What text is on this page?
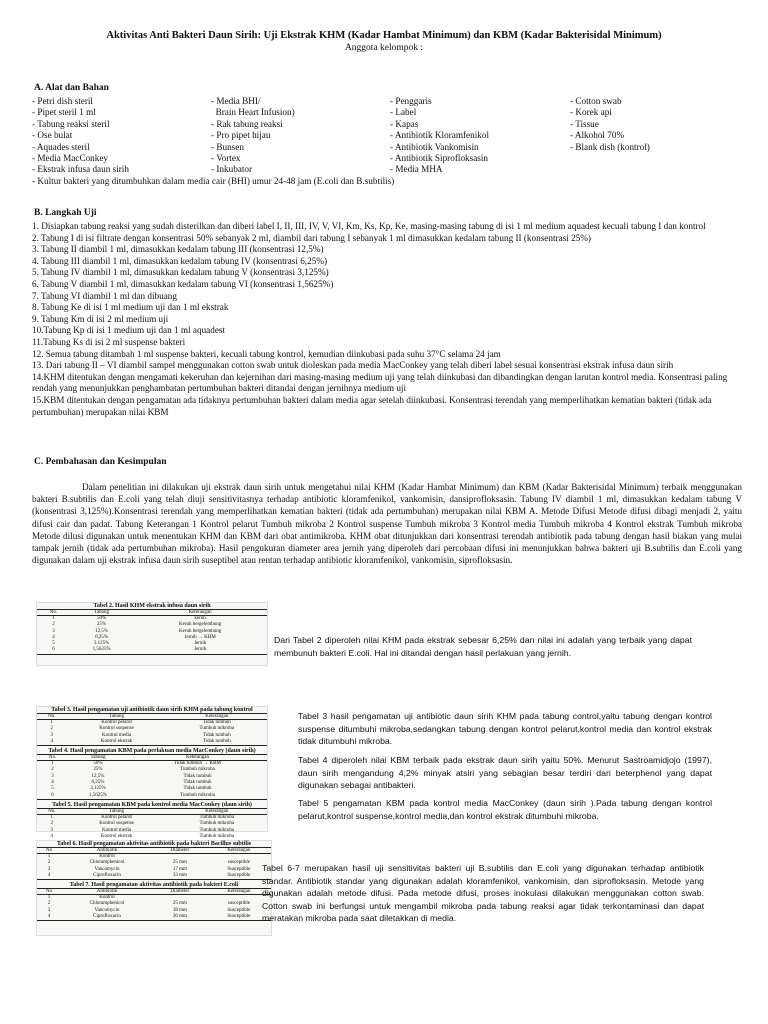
Aktivitas Anti Bakteri Daun Sirih: Uji Ekstrak KHM (Kadar Hambat Minimum) dan KBM (Kadar Bakterisidal Minimum)
Anggota kelompok :
A. Alat dan Bahan
- Petri dish steril	- Media BHI/	- Penggaris	- Cotton swab
- Pipet steril 1 ml	Brain Heart Infusion)	- Label	- Korek api
- Tabung reaksi steril	- Rak tabung reaksi	- Kapas	- Tissue
- Ose bulat	- Pro pipet hijau	- Antibiotik Kloramfenikol	- Alkohol 70%
- Aquades steril	- Bunsen	- Antibiotik Vankomisin	- Blank dish (kontrol)
- Media MacConkey	- Vortex	- Antibiotik Siprofloksasin
- Ekstrak infusa daun sirih	- Inkubator	- Media MHA
- Kultur bakteri yang ditumbuhkan dalam media cair (BHI) umur 24-48 jam (E.coli dan B.subtilis)
B. Langkah Uji
1. Disiapkan tabung reaksi yang sudah disterilkan dan diberi label I, II, III, IV, V, VI, Km, Ks, Kp, Ke, masing-masing tabung di isi 1 ml medium aquadest kecuali tabung I dan kontrol
2. Tabung I di isi filtrate dengan konsentrasi 50% sebanyak 2 ml, diambil dari tabung I sebanyak 1 ml dimasukkan kedalam tabung II (konsentrasi 25%)
3. Tabung II diambil 1 ml, dimasukkan kedalam tabung III (konsentrasi 12,5%)
4. Tabung III diambil 1 ml, dimasukkan kedalam tabung IV (konsentrasi 6,25%)
5. Tabung IV diambil 1 ml, dimasukkan kedalam tabung V (konsentrasi 3,125%)
6. Tabung V diambil 1 ml, dimasukkan kedalam tabung VI (konsentrasi 1,5625%)
7. Tabung VI diambil 1 ml dan dibuang
8. Tabung Ke di isi 1 ml medium uji dan 1 ml ekstrak
9. Tabung Km di isi 2 ml medium uji
10.Tabung Kp di isi 1 medium uji dan 1 ml aquadest
11.Tabung Ks di isi 2 ml suspense bakteri
12. Semua tabung ditambah 1 ml suspense bakteri, kecuali tabung kontrol, kemudian diinkubasi pada suhu 37°C selama 24 jam
13. Dari tabung II – VI diambil sampel menggunakan cotton swab untuk dioleskan pada media MacConkey yang telah diberi label sesuai konsentrasi ekstrak infusa daun sirih
14.KHM ditentukan dengan mengamati kekeruhan dan kejernihan dari masing-masing medium uji yang telah diinkubasi dan dibandingkan dengan larutan kontrol media. Konsentrasi paling rendah yang menunjukkan penghambatan pertumbuhan bakteri ditandai dengan jernihnya medium uji
15.KBM ditentukan dengan pengamatan ada tidaknya pertumbuhan bakteri dalam media agar setelah diinkubasi. Konsentrasi terendah yang memperlihatkan kematian bakteri (tidak ada pertumbuhan) merupakan nilai KBM
C. Pembahasan dan Kesimpulan
Dalam penelitian ini dilakukan uji ekstrak daun sirih untuk mengetahui nilai KHM (Kadar Hambat Minimum) dan KBM (Kadar Bakterisidal Minimum) terbaik menggunakan bakteri B.subtilis dan E.coli yang telah diuji sensitivitasnya terhadap antibiotic kloramfenikol, vankomisin, dansiprofloksasin. Tabung IV diambil 1 ml, dimasukkan kedalam tabung V (konsentrasi 3,125%).Konsentrasi terendah yang memperlihatkan kematian bakteri (tidak ada pertumbuhan) merupakan nilai KBM A. Metode Difusi Metode difusi dibagi menjadi 2, yaitu difusi cair dan padat. Tabung Keterangan 1 Kontrol pelarut Tumbuh mikroba 2 Kontrol suspense Tumbuh mikroba 3 Kontrol media Tumbuh mikroba 4 Kontrol ekstrak Tumbuh mikroba Metode dilusi digunakan untuk menentukan KHM dan KBM dari obat antimikroba. KHM obat ditunjukkan dari konsentrasi terendah antibiotik pada tabung dengan hasil biakan yang mulai tampak jernih (tidak ada pertumbuhan mikroba). Hasil pengukuran diameter area jernih yang diperoleh dari percobaan difusi ini menunjukkan bahwa bakteri uji B.subtilis dan E.coli yang digunakan dalam uji ekstrak infusa daun sirih suseptibel atau rentan terhadap antibiotic kloramfenikol, vankomisin, siprofloksasin.
Tabel 2. Hasil KHM ekstrak infusa daun sirih
No.	Tabung	Keterangan
1	50%	keruh
2	25%	Keruh bergelembung
3	12,5%	Keruh bergelembung
4	6,25%	Jernih → KHM
5	3,125%	Jernih
6	1,5625%	Jernih
Dari Tabel 2 diperoleh nilai KHM pada ekstrak sebesar 6,25% dan nilai ini adalah yang terbaik yang dapat membunuh bakteri E.coli. Hal ini ditandai dengan hasil perlakuan yang jernih.
Tabel 3. Hasil pengamatan uji antibiotik daun sirih KHM pada tabung kontrol
No.	Tabung	Keterangan
1	Kontrol pelarut	Tidak tumbuh
2	Kontrol suspense	Tumbuh mikroba
3	Kontrol media	Tidak tumbuh
4	Kontrol ekstrak	Tidak tumbuh
Tabel 4. Hasil pengamatan KBM pada perlakuan media MacConkey (daun sirih)
No.	Tabung	Keterangan
1	50%	Tidak tumbuh → KBM
2	25%	Tumbuh mikroba
3	12,5%	Tidak tumbuh
4	6,25%	Tidak tumbuh
5	3,125%	Tidak tumbuh
6	1,5625%	Tumbuh mikroba
Tabel 5. Hasil pengamatan KBM pada kontrol media MacConkey (daun sirih)
No.	Tabung	Keterangan
1	Kontrol pelarut	Tumbuh mikroba
2	Kontrol suspense	Tumbuh mikroba
3	Kontrol media	Tumbuh mikroba
4	Kontrol ekstrak	Tumbuh mikroba
Tabel 3 hasil pengamatan uji antibiotic daun sirih KHM pada tabung control,yaitu tabung dengan kontrol suspense ditumbuhi mikroba,sedangkan tabung dengan kontrol pelarut,kontrol media dan kontrol ekstrak tidak ditumbuhi mikroba.
Tabel 4 diperoleh nilai KBM terbaik pada ekstrak daun sirih yaitu 50%. Menurut Sastroamidjojo (1997), daun sirih mengandung 4,2% minyak atsiri yang sebagian besar terdiri dari beterphenol yang dapat digunakan sebagai antibakteri.
Tabel 5 pengamatan KBM pada kontrol media MacConkey (daun sirih ).Pada tabung dengan kontrol pelarut,kontrol suspense,kontrol media,dan kontrol ekstrak ditumbuhi mikroba.
Tabel 6. Hasil pengamatan aktivitas antibiotik pada bakteri Bacillus subtilis
No	Antibiotik	Diameter	Keterangan
1	Kontrol		
2	Chloramphenicol	25 mm	susceptible
3	Vancomycin	17 mm	Susceptible
4	Ciprofloxacin	33 mm	Susceptible
Tabel 7. Hasil pengamatan aktivitas antibiotik pada bakteri E.coli
No	Antibiotik	Diameter	Keterangan
1	Kontrol		
2	Chloramphenicol	25 mm	susceptible
3	Vancomycin	18 mm	Susceptible
4	Ciprofloxacin	30 mm	Susceptible
Tabel 6-7 merupakan hasil uji sensitivitas bakteri uji B.subtilis dan E.coli yang digunakan terhadap antibiotik standar. Antibiotik standar yang digunakan adalah kloramfenikol, vankomisin, dan siprofloksasin. Metode yang digunakan adalah metode difusi. Pada metode difusi, proses inokulasi dilakukan menggunakan cotton swab. Cotton swab ini berfungsi untuk mengambil mikroba pada tabung reaksi agar tidak terkontaminasi dan dapat meratakan mikroba pada saat diletakkan di media.
